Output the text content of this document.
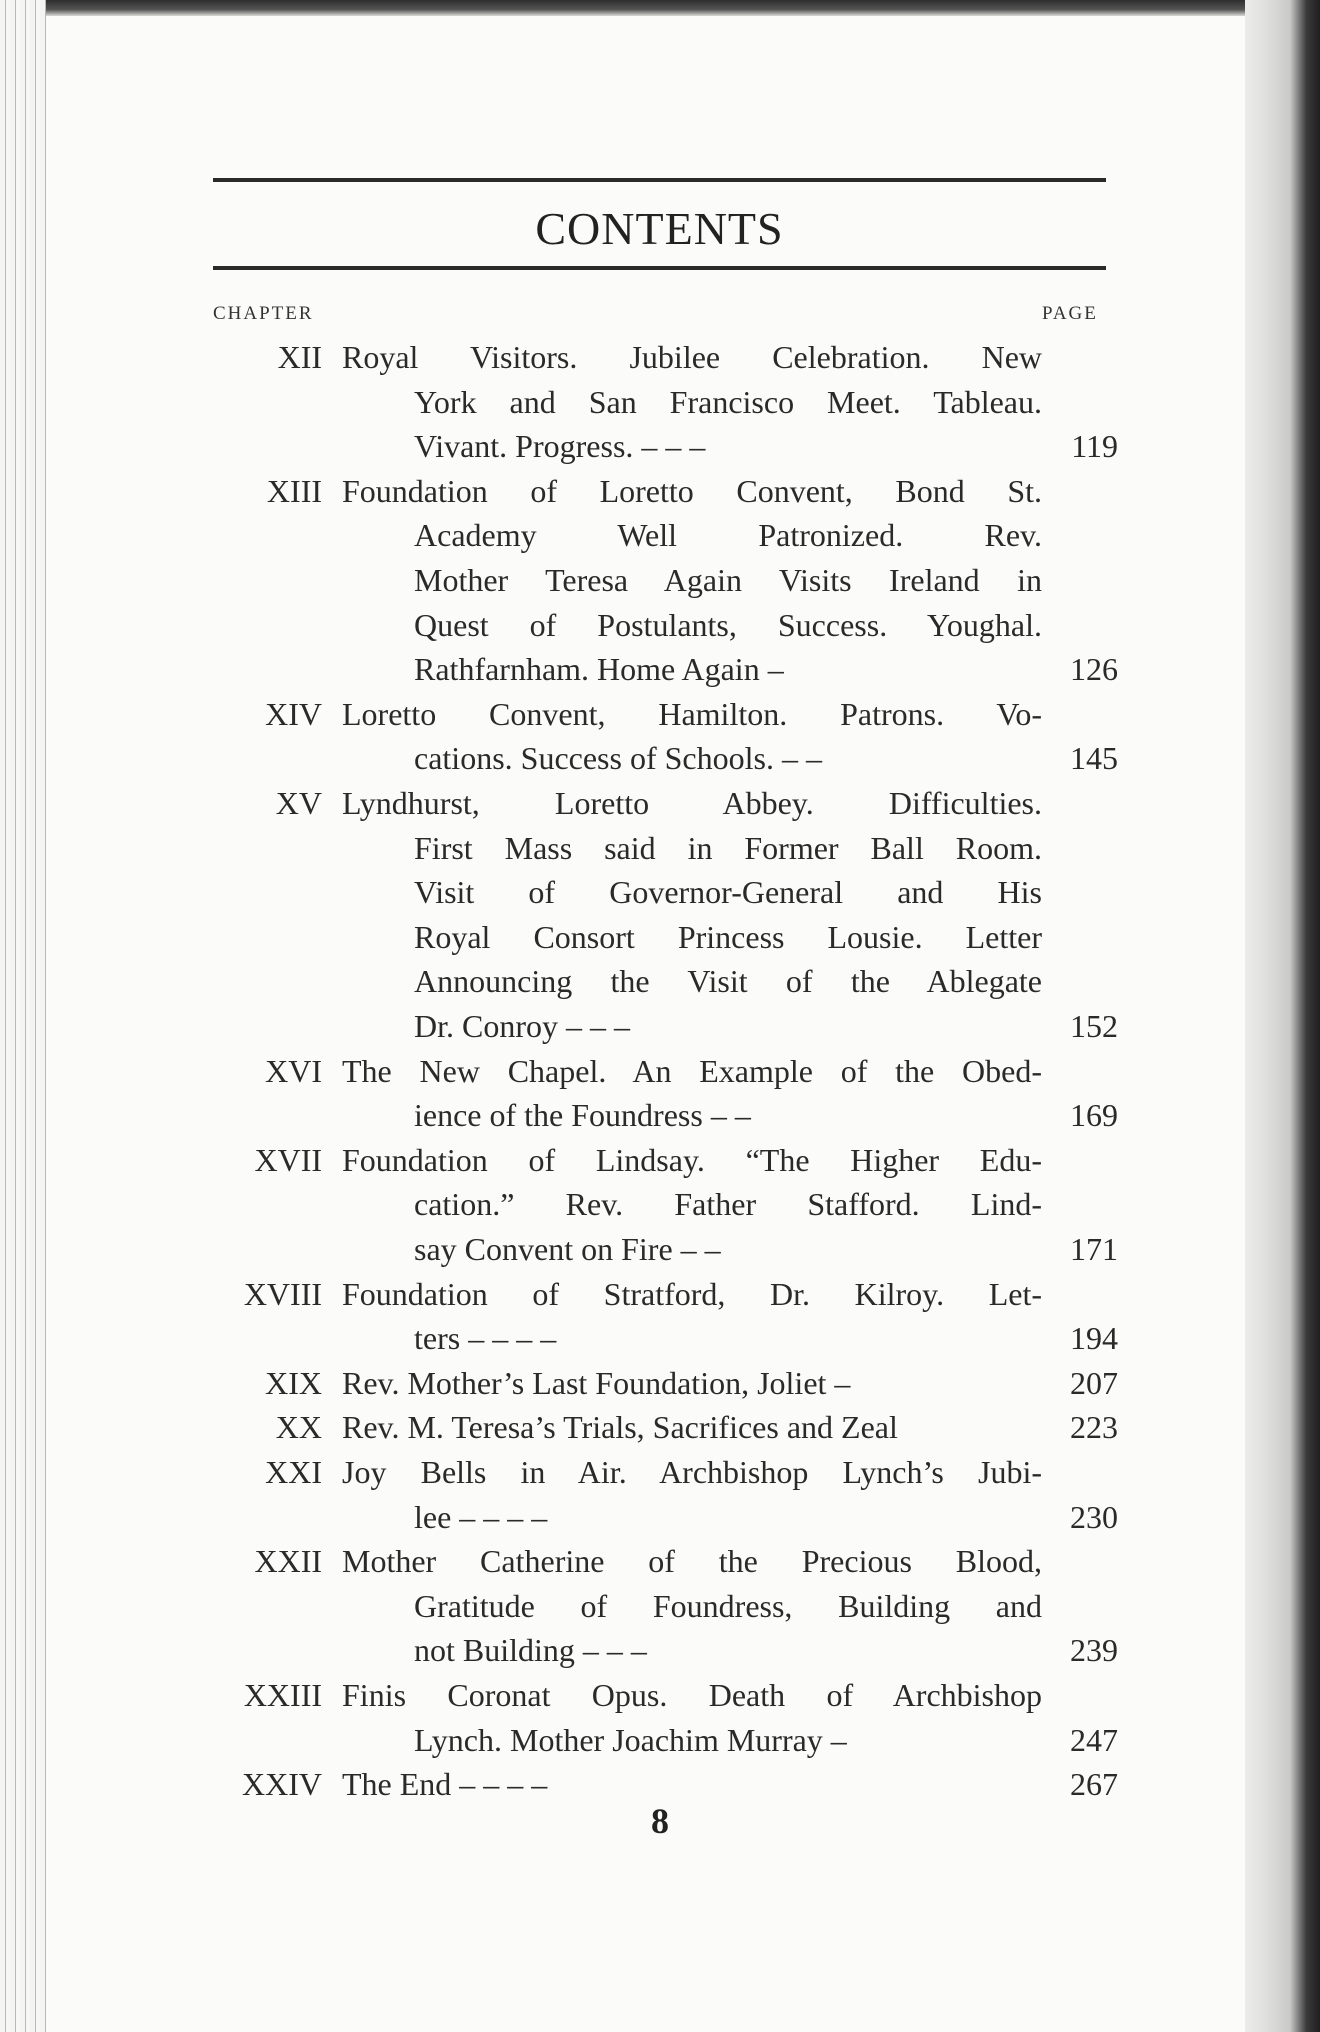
CONTENTS
CHAPTER	PAGE
XII Royal Visitors. Jubilee Celebration. New
York and San Francisco Meet. Tableau.
Vivant. Progress. – – –	119
XIII Foundation of Loretto Convent, Bond St.
Academy Well Patronized. Rev.
Mother Teresa Again Visits Ireland in
Quest of Postulants, Success. Youghal.
Rathfarnham. Home Again –	126
XIV Loretto Convent, Hamilton. Patrons. Vo-
cations. Success of Schools. – –	145
XV Lyndhurst, Loretto Abbey. Difficulties.
First Mass said in Former Ball Room.
Visit of Governor-General and His
Royal Consort Princess Lousie. Letter
Announcing the Visit of the Ablegate
Dr. Conroy – – –	152
XVI The New Chapel. An Example of the Obed-
ience of the Foundress – –	169
XVII Foundation of Lindsay. “The Higher Edu-
cation.” Rev. Father Stafford. Lind-
say Convent on Fire – –	171
XVIII Foundation of Stratford, Dr. Kilroy. Let-
ters – – – –	194
XIX Rev. Mother’s Last Foundation, Joliet –	207
XX Rev. M. Teresa’s Trials, Sacrifices and Zeal	223
XXI Joy Bells in Air. Archbishop Lynch’s Jubi-
lee – – – –	230
XXII Mother Catherine of the Precious Blood,
Gratitude of Foundress, Building and
not Building – – –	239
XXIII Finis Coronat Opus. Death of Archbishop
Lynch. Mother Joachim Murray –	247
XXIV The End – – – –	267
8
